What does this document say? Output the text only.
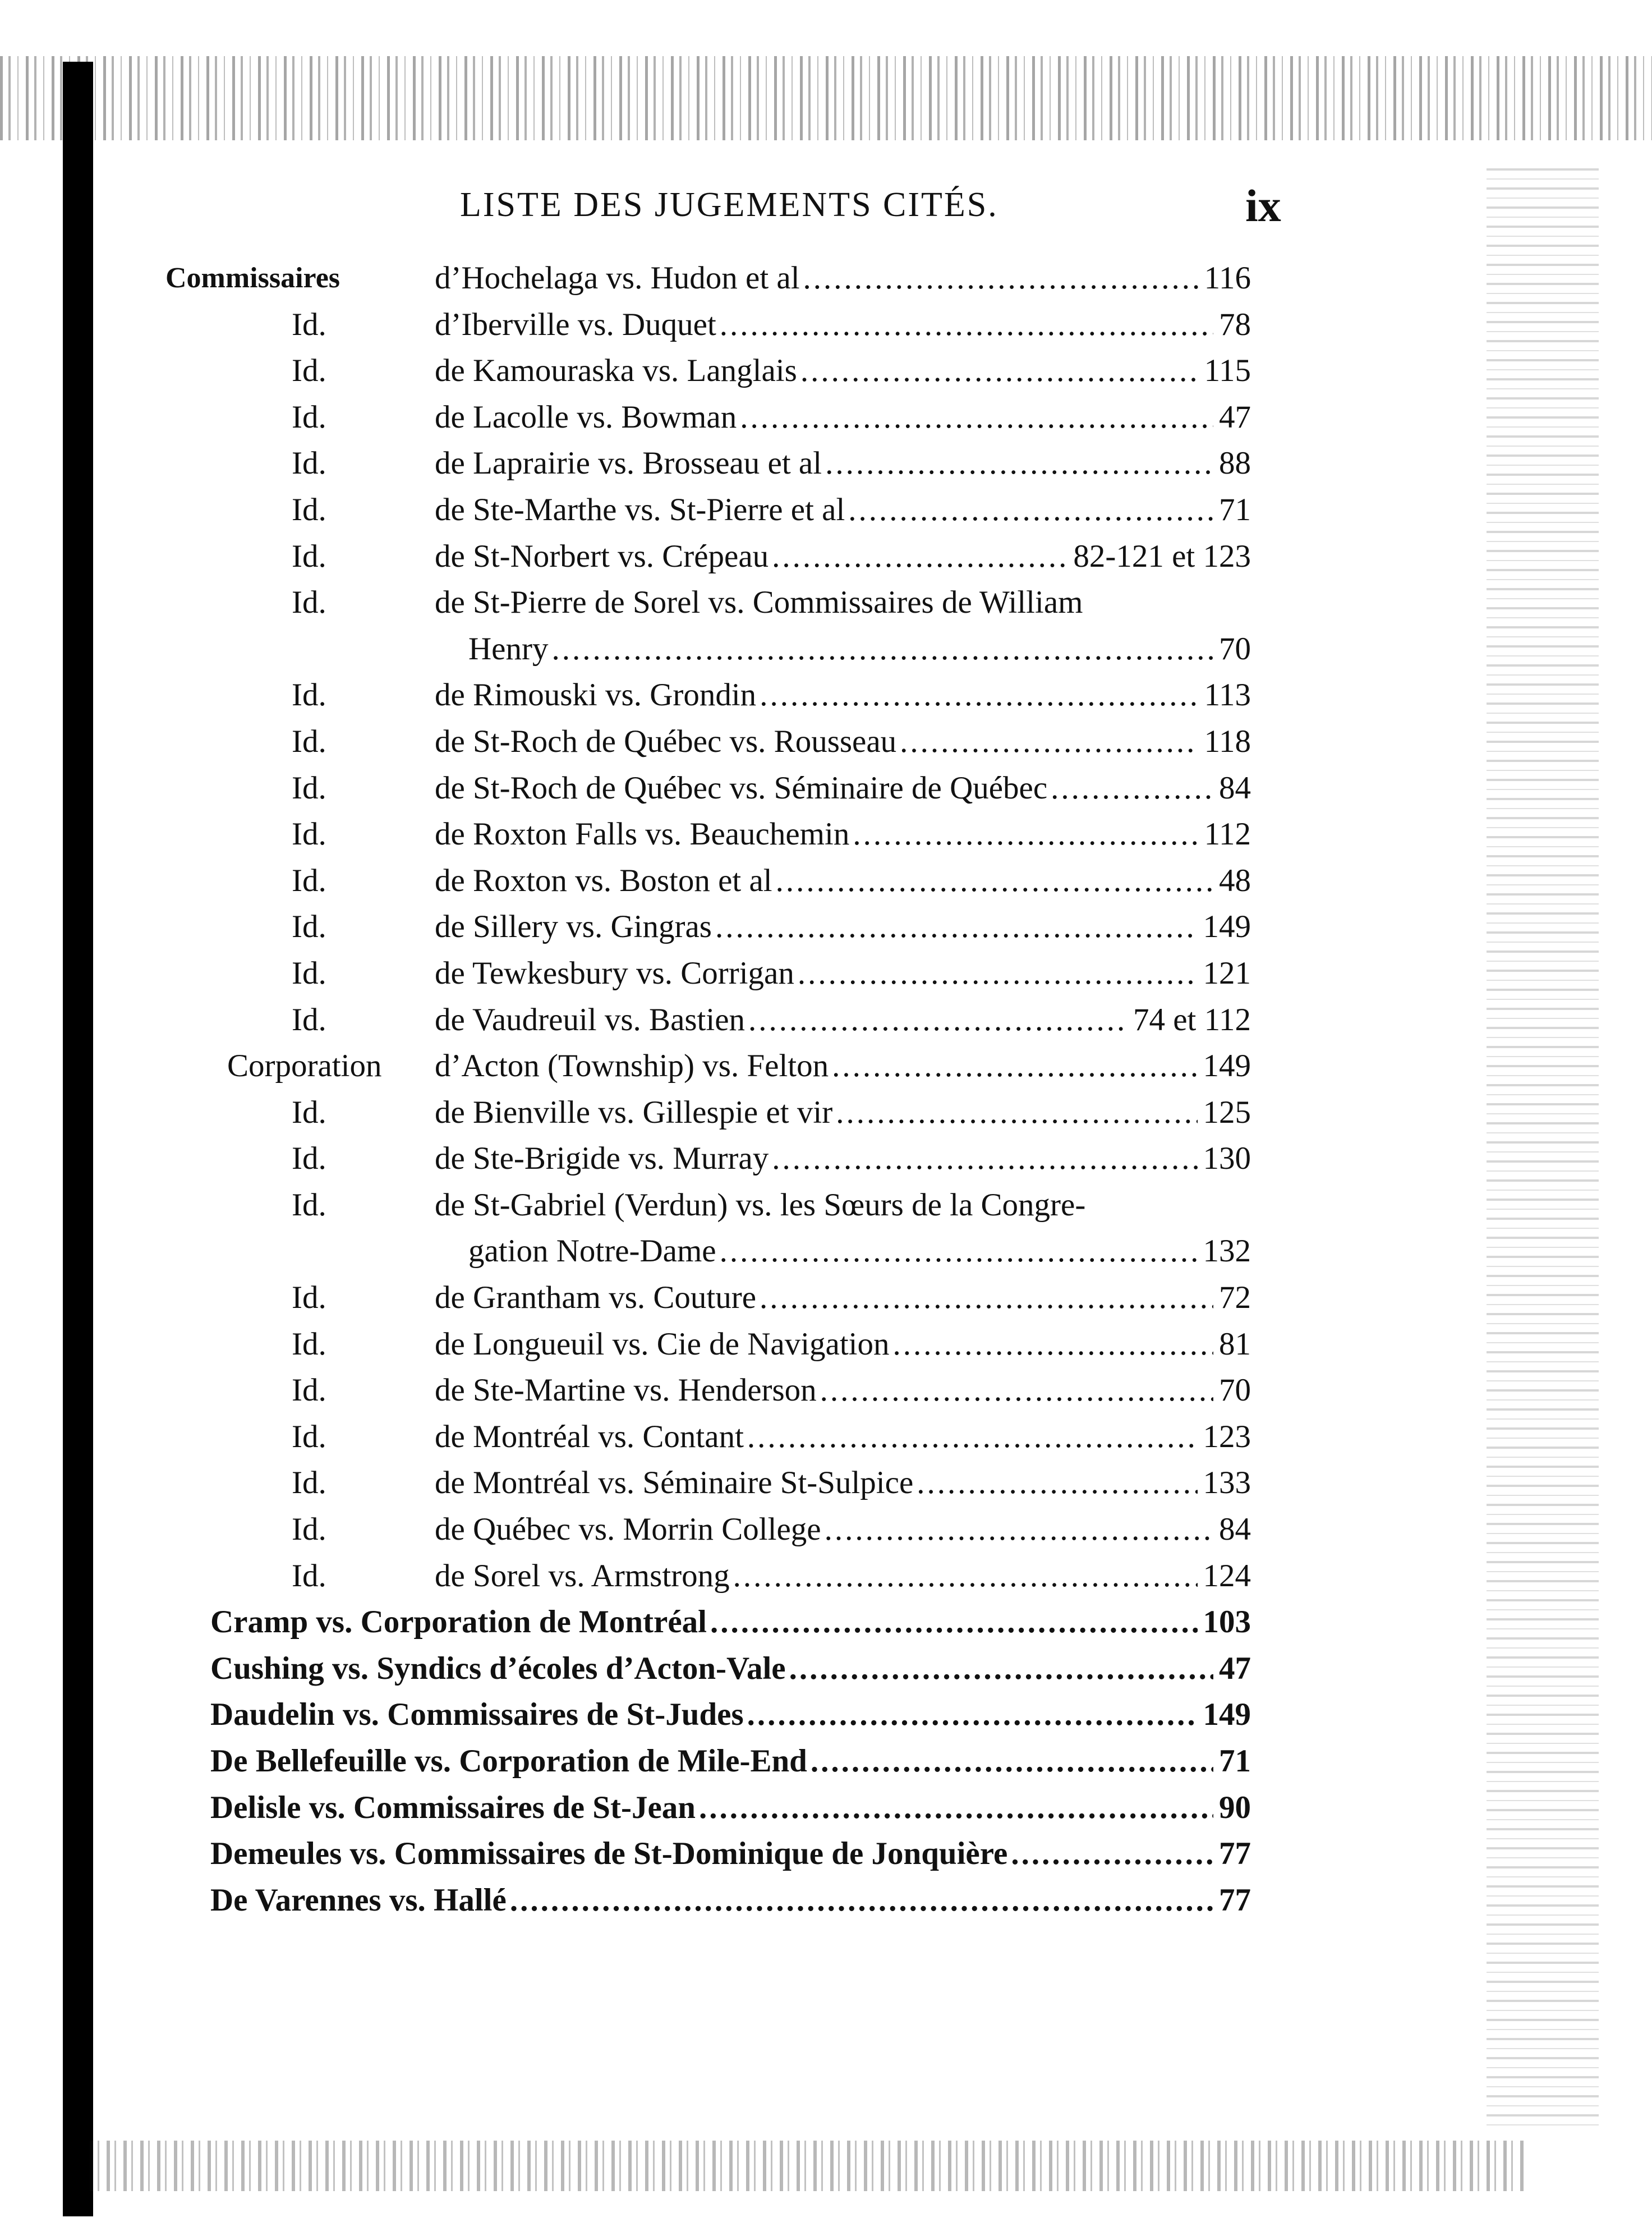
LISTE DES JUGEMENTS CITÉS.	ix
Commissaires	d’Hochelaga vs. Hudon et al .....	116
Id.	d’Iberville vs. Duquet .....	78
Id.	de Kamouraska vs. Langlais .....	115
Id.	de Lacolle vs. Bowman .....	47
Id.	de Laprairie vs. Brosseau et al .....	88
Id.	de Ste-Marthe vs. St-Pierre et al .....	71
Id.	de St-Norbert vs. Crépeau .....	82-121 et 123
Id.	de St-Pierre de Sorel vs. Commissaires de William
Henry .....	70
Id.	de Rimouski vs. Grondin .....	113
Id.	de St-Roch de Québec vs. Rousseau .....	118
Id.	de St-Roch de Québec vs. Séminaire de Québec .....	84
Id.	de Roxton Falls vs. Beauchemin .....	112
Id.	de Roxton vs. Boston et al .....	48
Id.	de Sillery vs. Gingras .....	149
Id.	de Tewkesbury vs. Corrigan .....	121
Id.	de Vaudreuil vs. Bastien .....	74 et 112
Corporation d’Acton (Township) vs. Felton .....	149
Id.	de Bienville vs. Gillespie et vir .....	125
Id.	de Ste-Brigide vs. Murray .....	130
Id.	de St-Gabriel (Verdun) vs. les Sœurs de la Congre-
gation Notre-Dame .....	132
Id.	de Grantham vs. Couture .....	72
Id.	de Longueuil vs. Cie de Navigation .....	81
Id.	de Ste-Martine vs. Henderson .....	70
Id.	de Montréal vs. Contant .....	123
Id.	de Montréal vs. Séminaire St-Sulpice .....	133
Id.	de Québec vs. Morrin College .....	84
Id.	de Sorel vs. Armstrong .....	124
Cramp vs. Corporation de Montréal .....	103
Cushing vs. Syndics d’écoles d’Acton-Vale .....	47
Daudelin vs. Commissaires de St-Judes .....	149
De Bellefeuille vs. Corporation de Mile-End .....	71
Delisle vs. Commissaires de St-Jean .....	90
Demeules vs. Commissaires de St-Dominique de Jonquière .....	77
De Varennes vs. Hallé .....	77
